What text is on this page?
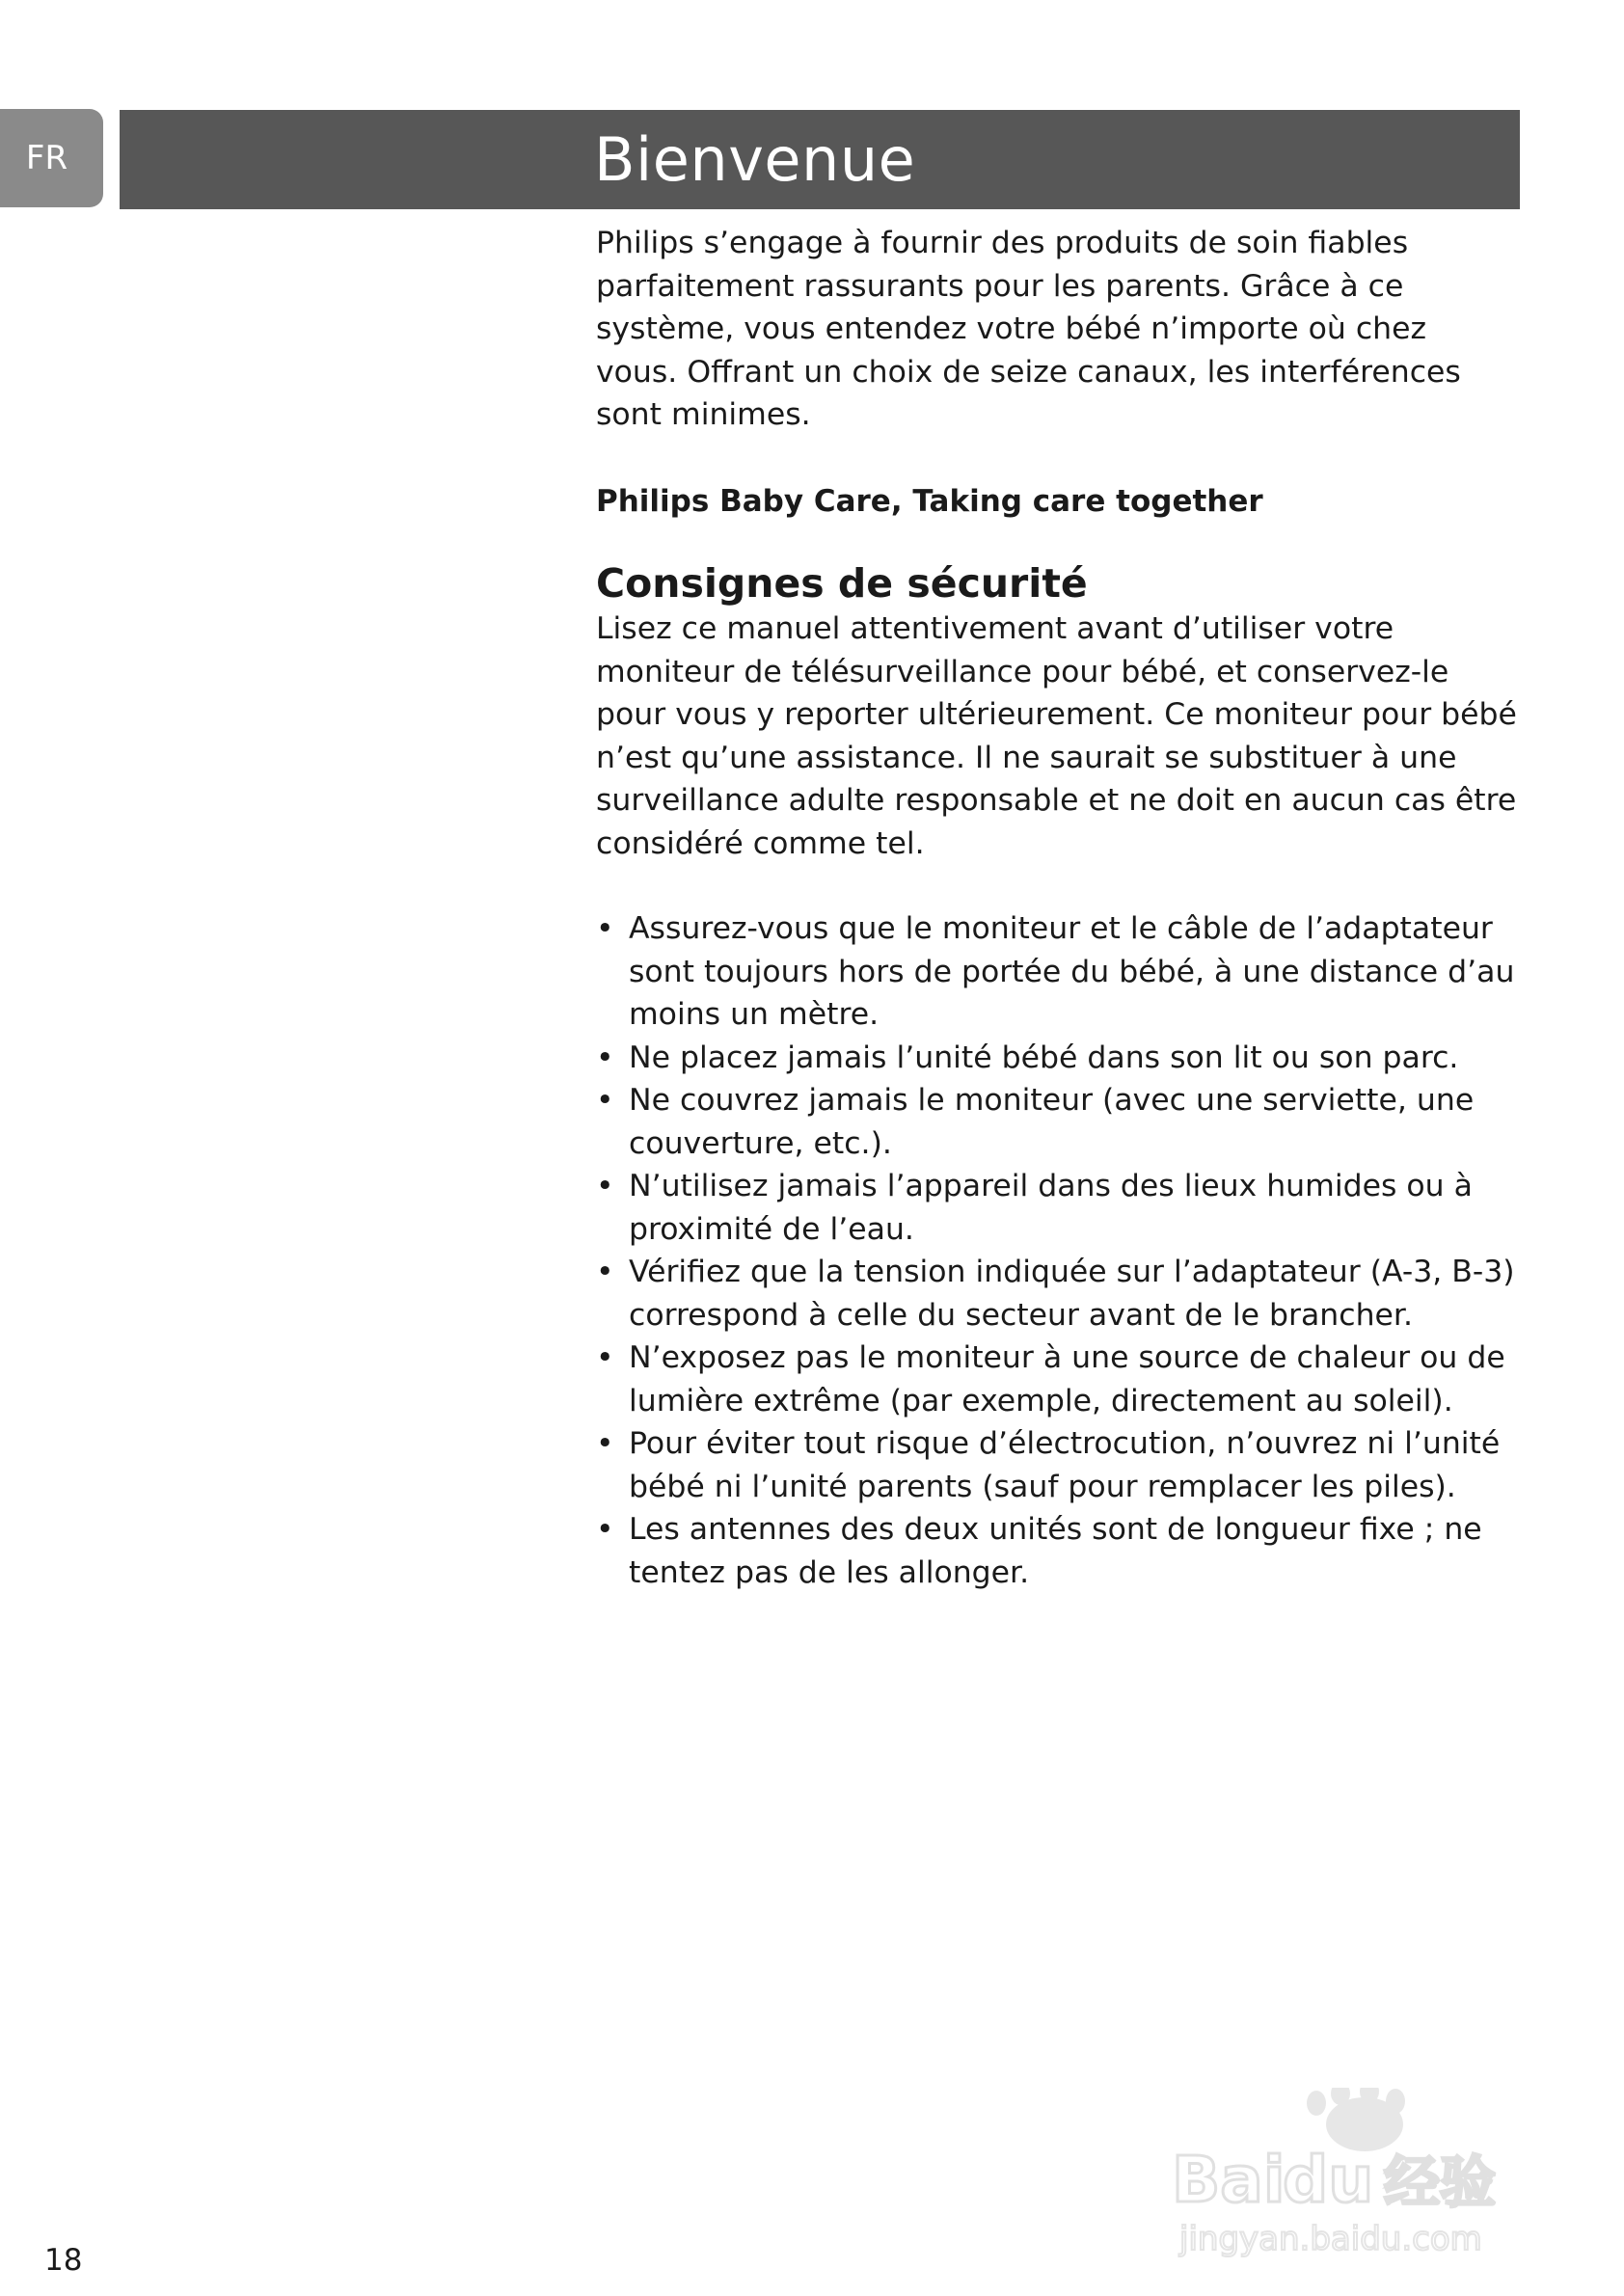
FR	Bienvenue

Philips s’engage à fournir des produits de soin fiables parfaitement rassurants pour les parents. Grâce à ce système, vous entendez votre bébé n’importe où chez vous. Offrant un choix de seize canaux, les interférences sont minimes.

Philips Baby Care, Taking care together

Consignes de sécurité

Lisez ce manuel attentivement avant d’utiliser votre moniteur de télésurveillance pour bébé, et conservez-le pour vous y reporter ultérieurement. Ce moniteur pour bébé n’est qu’une assistance. Il ne saurait se substituer à une surveillance adulte responsable et ne doit en aucun cas être considéré comme tel.

• Assurez-vous que le moniteur et le câble de l’adaptateur sont toujours hors de portée du bébé, à une distance d’au moins un mètre.
• Ne placez jamais l’unité bébé dans son lit ou son parc.
• Ne couvrez jamais le moniteur (avec une serviette, une couverture, etc.).
• N’utilisez jamais l’appareil dans des lieux humides ou à proximité de l’eau.
• Vérifiez que la tension indiquée sur l’adaptateur (A-3, B-3) correspond à celle du secteur avant de le brancher.
• N’exposez pas le moniteur à une source de chaleur ou de lumière extrême (par exemple, directement au soleil).
• Pour éviter tout risque d’électrocution, n’ouvrez ni l’unité bébé ni l’unité parents (sauf pour remplacer les piles).
• Les antennes des deux unités sont de longueur fixe ; ne tentez pas de les allonger.
18
Bai
du 经验
jingyan.baidu.com
